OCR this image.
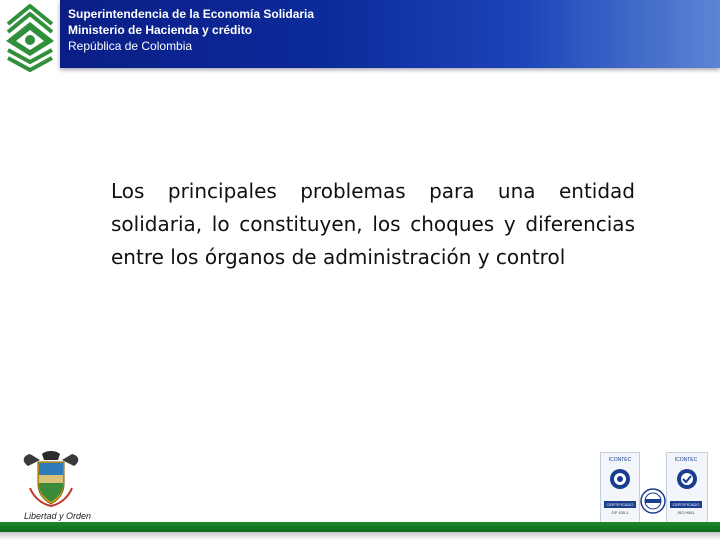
Superintendencia de la Economía Solidaria
Ministerio de Hacienda y crédito
República de Colombia
Los principales problemas para una entidad solidaria, lo constituyen, los choques y diferencias entre los órganos de administración y control
Libertad y Orden
ICONTEC
CERTIFICADO
GP 100-1
ICONTEC
CERTIFICADO
ISO 9001
